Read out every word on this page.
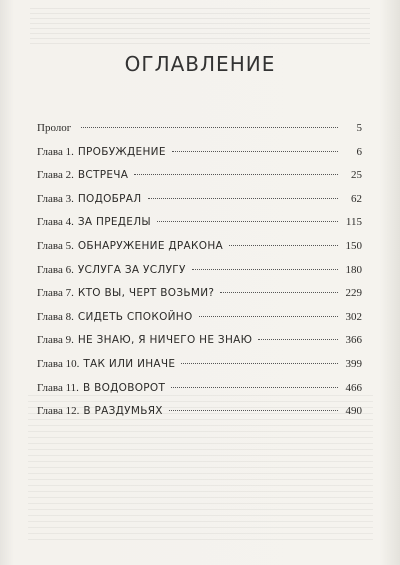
ОГЛАВЛЕНИЕ
Пролог	5
Глава 1. ПРОБУЖДЕНИЕ	6
Глава 2. ВСТРЕЧА	25
Глава 3. ПОДОБРАЛ	62
Глава 4. ЗА ПРЕДЕЛЫ	115
Глава 5. ОБНАРУЖЕНИЕ ДРАКОНА	150
Глава 6. УСЛУГА ЗА УСЛУГУ	180
Глава 7. КТО ВЫ, ЧЕРТ ВОЗЬМИ?	229
Глава 8. СИДЕТЬ СПОКОЙНО	302
Глава 9. НЕ ЗНАЮ, Я НИЧЕГО НЕ ЗНАЮ	366
Глава 10. ТАК ИЛИ ИНАЧЕ	399
Глава 11. В ВОДОВОРОТ	466
Глава 12. В РАЗДУМЬЯХ	490
